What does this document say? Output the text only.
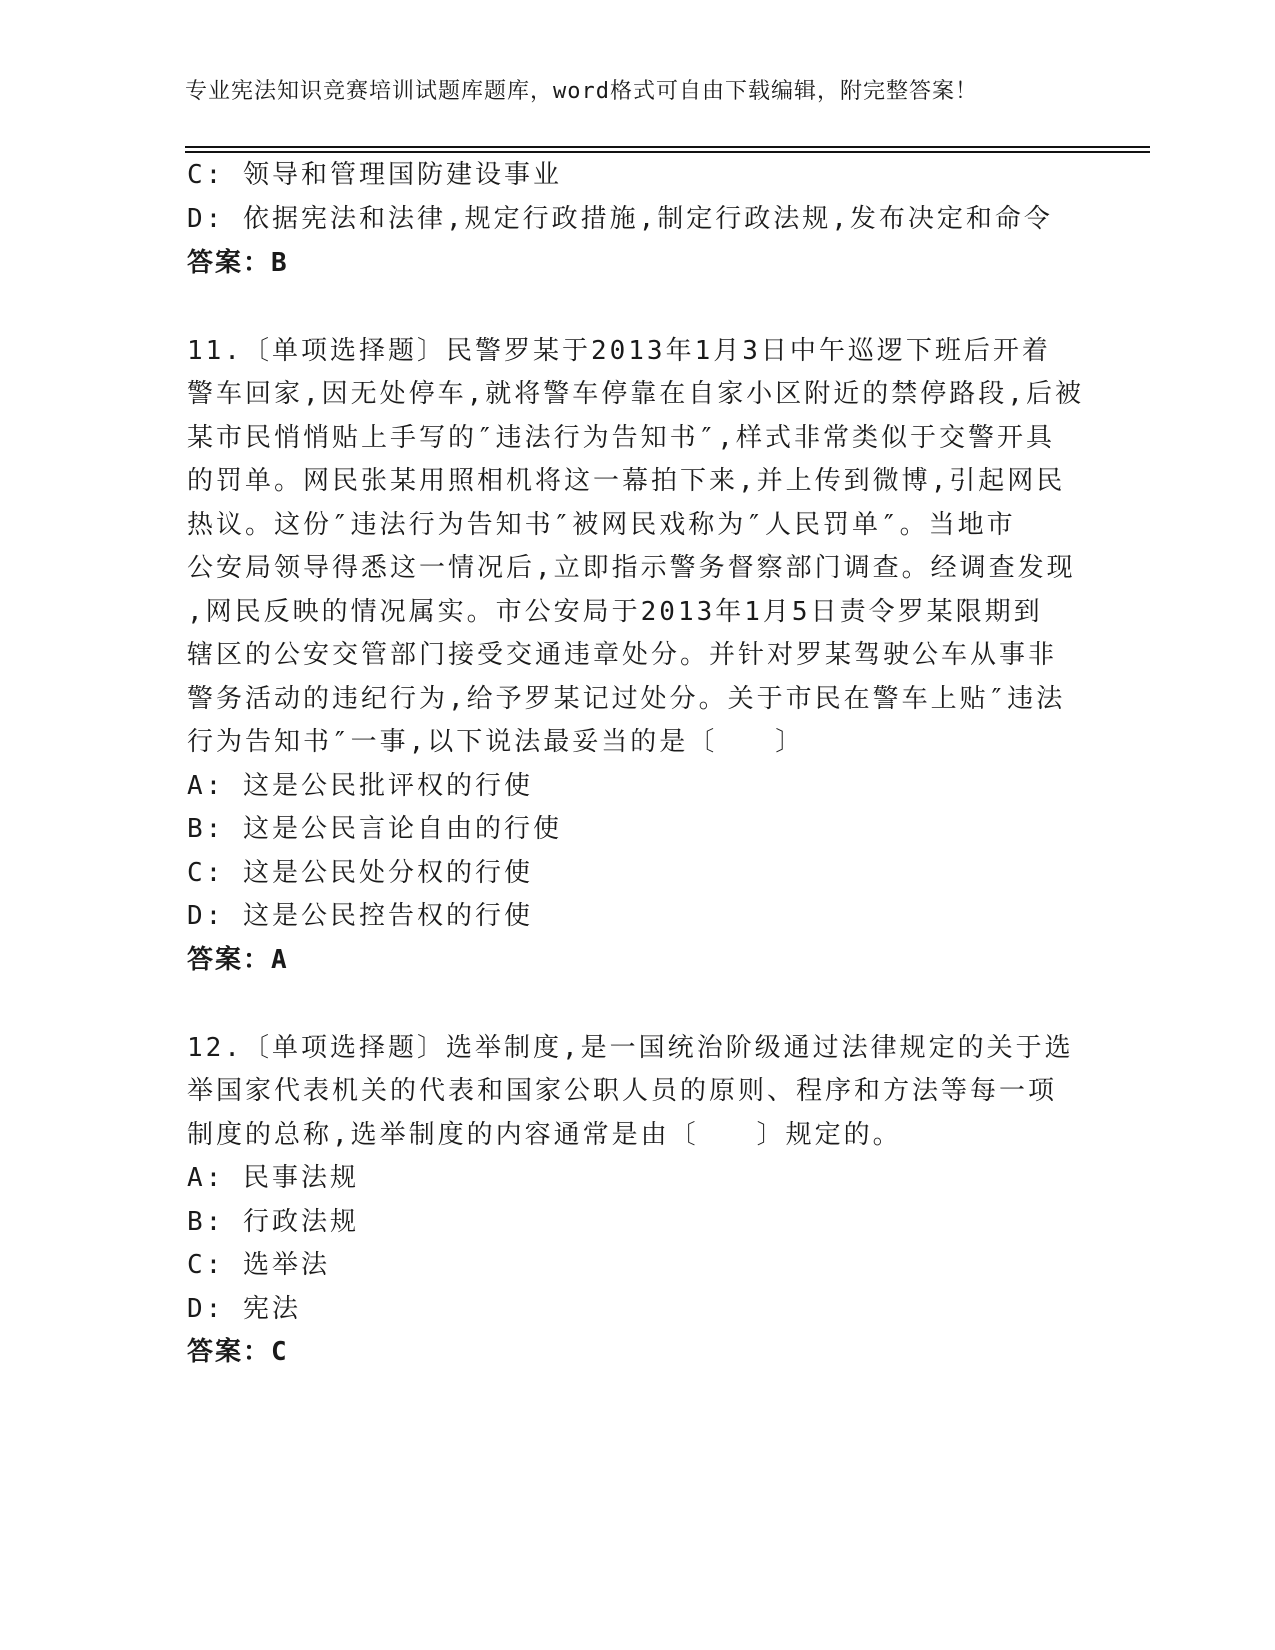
专业宪法知识竞赛培训试题库题库，word格式可自由下载编辑，附完整答案！
C: 领导和管理国防建设事业
D: 依据宪法和法律,规定行政措施,制定行政法规,发布决定和命令
答案：B
11.〔单项选择题〕民警罗某于2013年1月3日中午巡逻下班后开着
警车回家,因无处停车,就将警车停靠在自家小区附近的禁停路段,后被
某市民悄悄贴上手写的″违法行为告知书″,样式非常类似于交警开具
的罚单。网民张某用照相机将这一幕拍下来,并上传到微博,引起网民
热议。这份″违法行为告知书″被网民戏称为″人民罚单″。当地市
公安局领导得悉这一情况后,立即指示警务督察部门调查。经调查发现
,网民反映的情况属实。市公安局于2013年1月5日责令罗某限期到
辖区的公安交管部门接受交通违章处分。并针对罗某驾驶公车从事非
警务活动的违纪行为,给予罗某记过处分。关于市民在警车上贴″违法
行为告知书″一事,以下说法最妥当的是〔　　〕
A: 这是公民批评权的行使
B: 这是公民言论自由的行使
C: 这是公民处分权的行使
D: 这是公民控告权的行使
答案：A
12.〔单项选择题〕选举制度,是一国统治阶级通过法律规定的关于选
举国家代表机关的代表和国家公职人员的原则、程序和方法等每一项
制度的总称,选举制度的内容通常是由〔　　〕规定的。
A: 民事法规
B: 行政法规
C: 选举法
D: 宪法
答案：C
